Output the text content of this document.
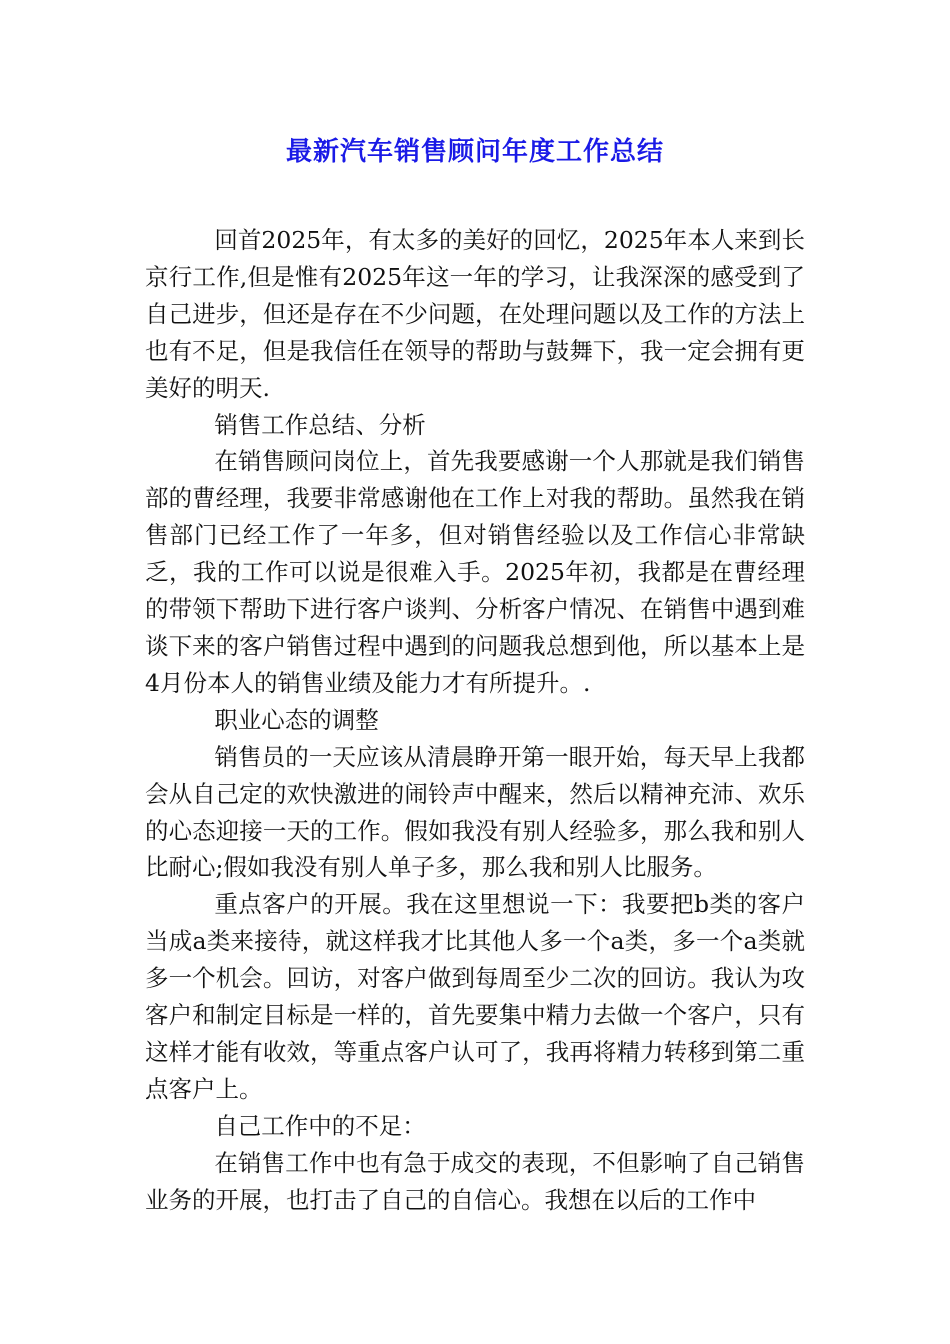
最新汽车销售顾问年度工作总结

回首2025年，有太多的美好的回忆，2025年本人来到长京行工作,但是惟有2025年这一年的学习，让我深深的感受到了自己进步，但还是存在不少问题，在处理问题以及工作的方法上也有不足，但是我信任在领导的帮助与鼓舞下，我一定会拥有更美好的明天.

销售工作总结、分析

在销售顾问岗位上，首先我要感谢一个人那就是我们销售部的曹经理，我要非常感谢他在工作上对我的帮助。虽然我在销售部门已经工作了一年多，但对销售经验以及工作信心非常缺乏，我的工作可以说是很难入手。2025年初，我都是在曹经理的带领下帮助下进行客户谈判、分析客户情况、在销售中遇到难谈下来的客户销售过程中遇到的问题我总想到他，所以基本上是4月份本人的销售业绩及能力才有所提升。.

职业心态的调整

销售员的一天应该从清晨睁开第一眼开始，每天早上我都会从自己定的欢快激进的闹铃声中醒来，然后以精神充沛、欢乐的心态迎接一天的工作。假如我没有别人经验多，那么我和别人比耐心;假如我没有别人单子多，那么我和别人比服务。

重点客户的开展。我在这里想说一下：我要把b类的客户当成a类来接待，就这样我才比其他人多一个a类，多一个a类就多一个机会。回访，对客户做到每周至少二次的回访。我认为攻客户和制定目标是一样的，首先要集中精力去做一个客户，只有这样才能有收效，等重点客户认可了，我再将精力转移到第二重点客户上。

自己工作中的不足：

在销售工作中也有急于成交的表现，不但影响了自己销售业务的开展，也打击了自己的自信心。我想在以后的工作中
